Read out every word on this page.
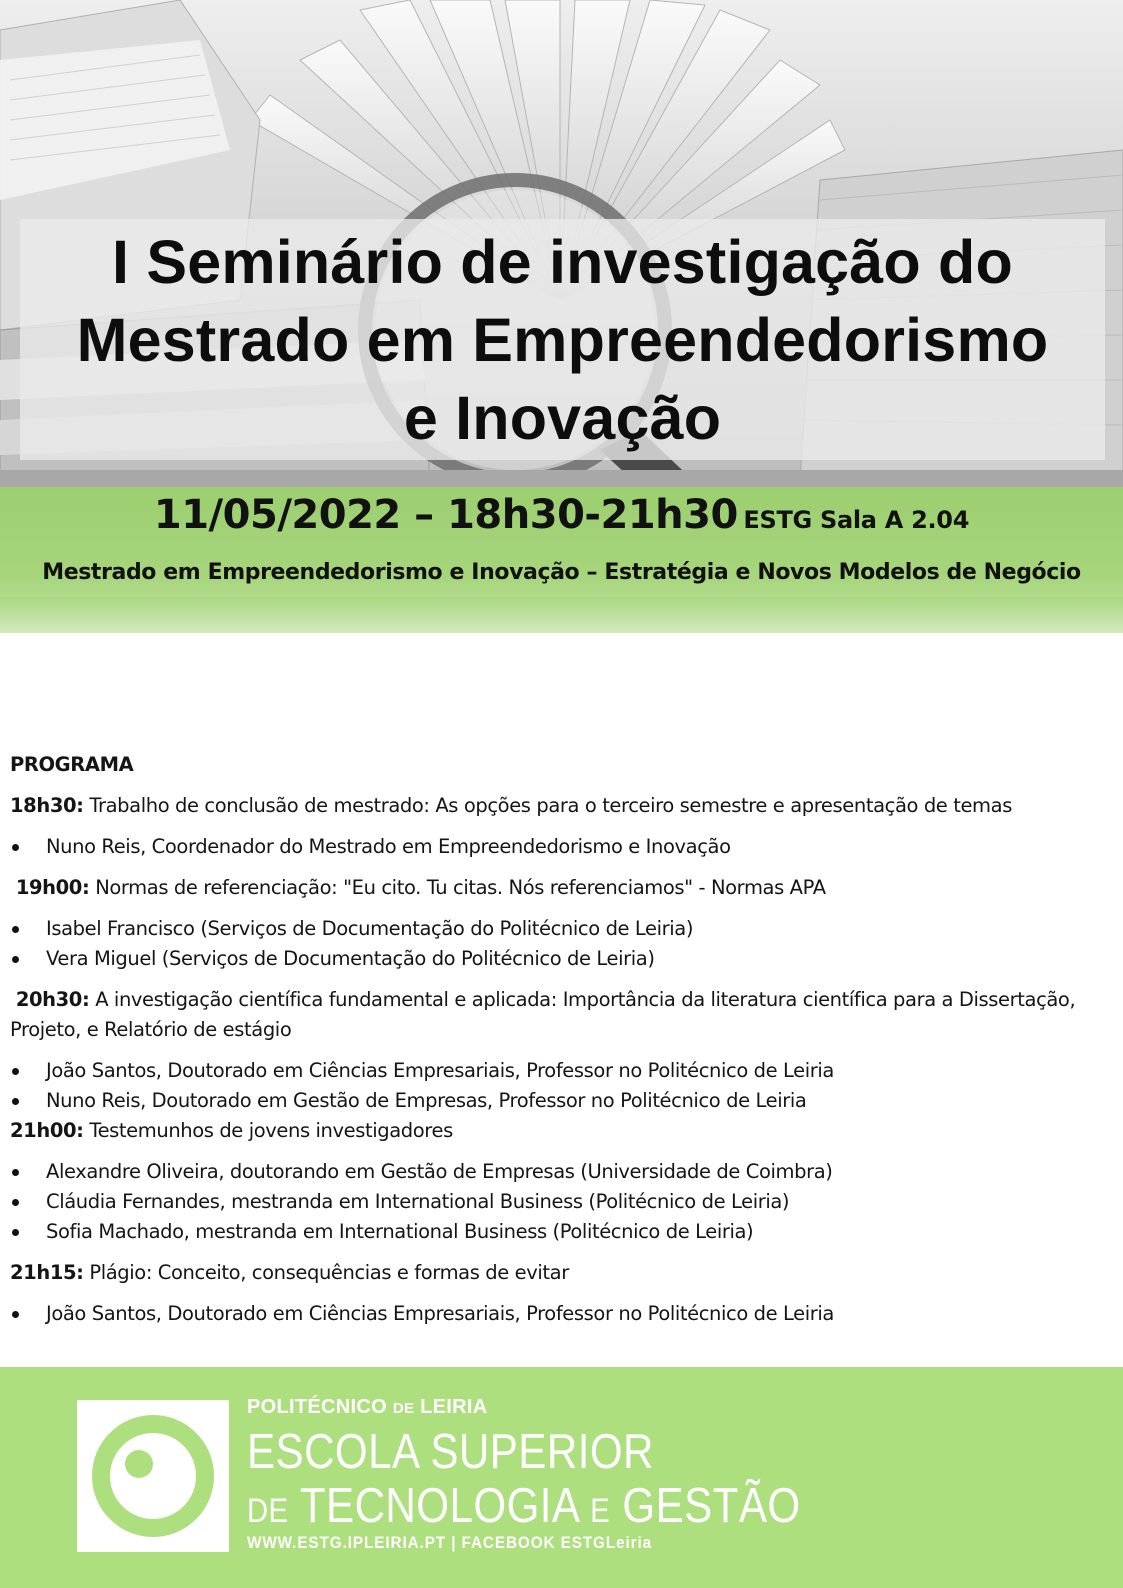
I Seminário de investigação do
Mestrado em Empreendedorismo
e Inovação
11/05/2022 – 18h30-21h30 ESTG Sala A 2.04
Mestrado em Empreendedorismo e Inovação – Estratégia e Novos Modelos de Negócio

PROGRAMA

18h30: Trabalho de conclusão de mestrado: As opções para o terceiro semestre e apresentação de temas

Nuno Reis, Coordenador do Mestrado em Empreendedorismo e Inovação

19h00: Normas de referenciação: "Eu cito. Tu citas. Nós referenciamos" - Normas APA

Isabel Francisco (Serviços de Documentação do Politécnico de Leiria)
Vera Miguel (Serviços de Documentação do Politécnico de Leiria)

20h30: A investigação científica fundamental e aplicada: Importância da literatura científica para a Dissertação, Projeto, e Relatório de estágio

João Santos, Doutorado em Ciências Empresariais, Professor no Politécnico de Leiria
Nuno Reis, Doutorado em Gestão de Empresas, Professor no Politécnico de Leiria

21h00: Testemunhos de jovens investigadores

Alexandre Oliveira, doutorando em Gestão de Empresas (Universidade de Coimbra)
Cláudia Fernandes, mestranda em International Business (Politécnico de Leiria)
Sofia Machado, mestranda em International Business (Politécnico de Leiria)

21h15: Plágio: Conceito, consequências e formas de evitar

João Santos, Doutorado em Ciências Empresariais, Professor no Politécnico de Leiria
POLITÉCNICO DE LEIRIA
ESCOLA SUPERIOR
DE TECNOLOGIA E GESTÃO
WWW.ESTG.IPLEIRIA.PT | FACEBOOK ESTGLeiria
